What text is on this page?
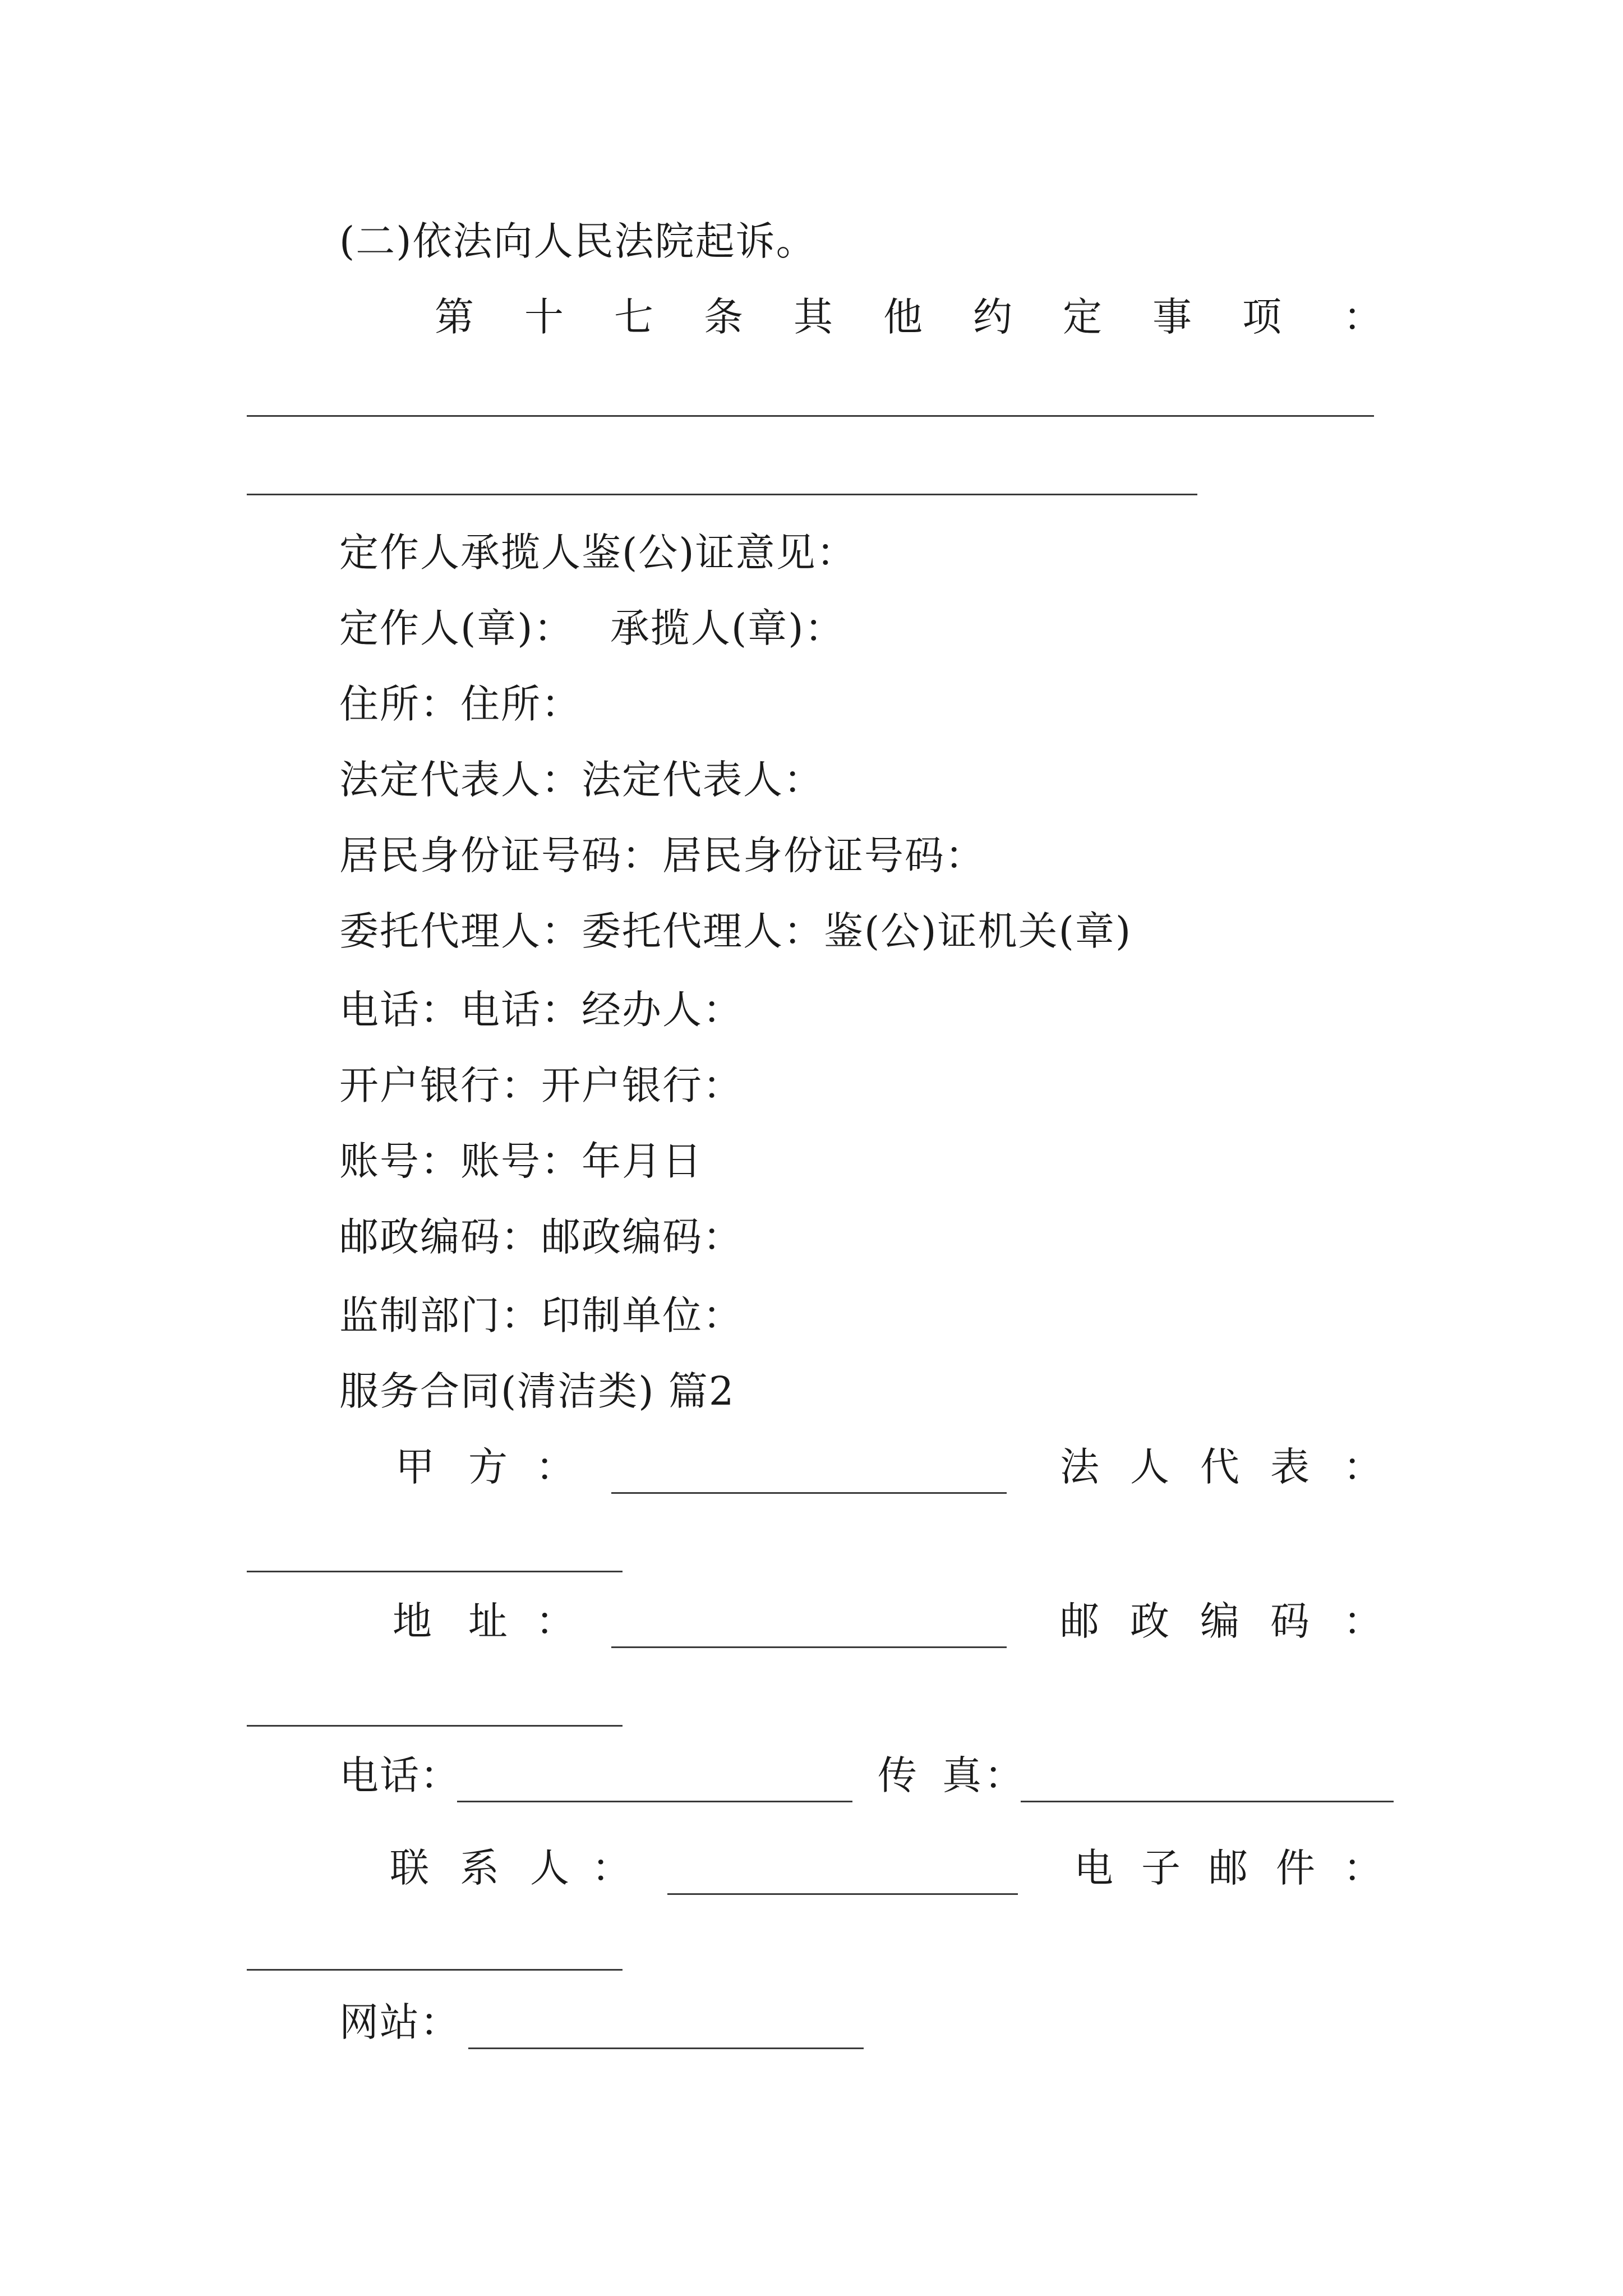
(二)依法向人民法院起诉。
第 十 七 条 其 他 约 定 事 项 ：
定作人承揽人鉴(公)证意见：
定作人(章)： 承揽人(章)：
住所：住所：
法定代表人：法定代表人：
居民身份证号码：居民身份证号码：
委托代理人：委托代理人：鉴(公)证机关(章)
电话：电话：经办人：
开户银行：开户银行：
账号：账号：年月日
邮政编码：邮政编码：
监制部门：印制单位：
服务合同(清洁类) 篇2
甲 方 ：	法 人 代 表 ：
地 址 ：	邮 政 编 码 ：
电话：	传 真 ：
联 系 人 ：	电 子 邮 件 ：
网站：
